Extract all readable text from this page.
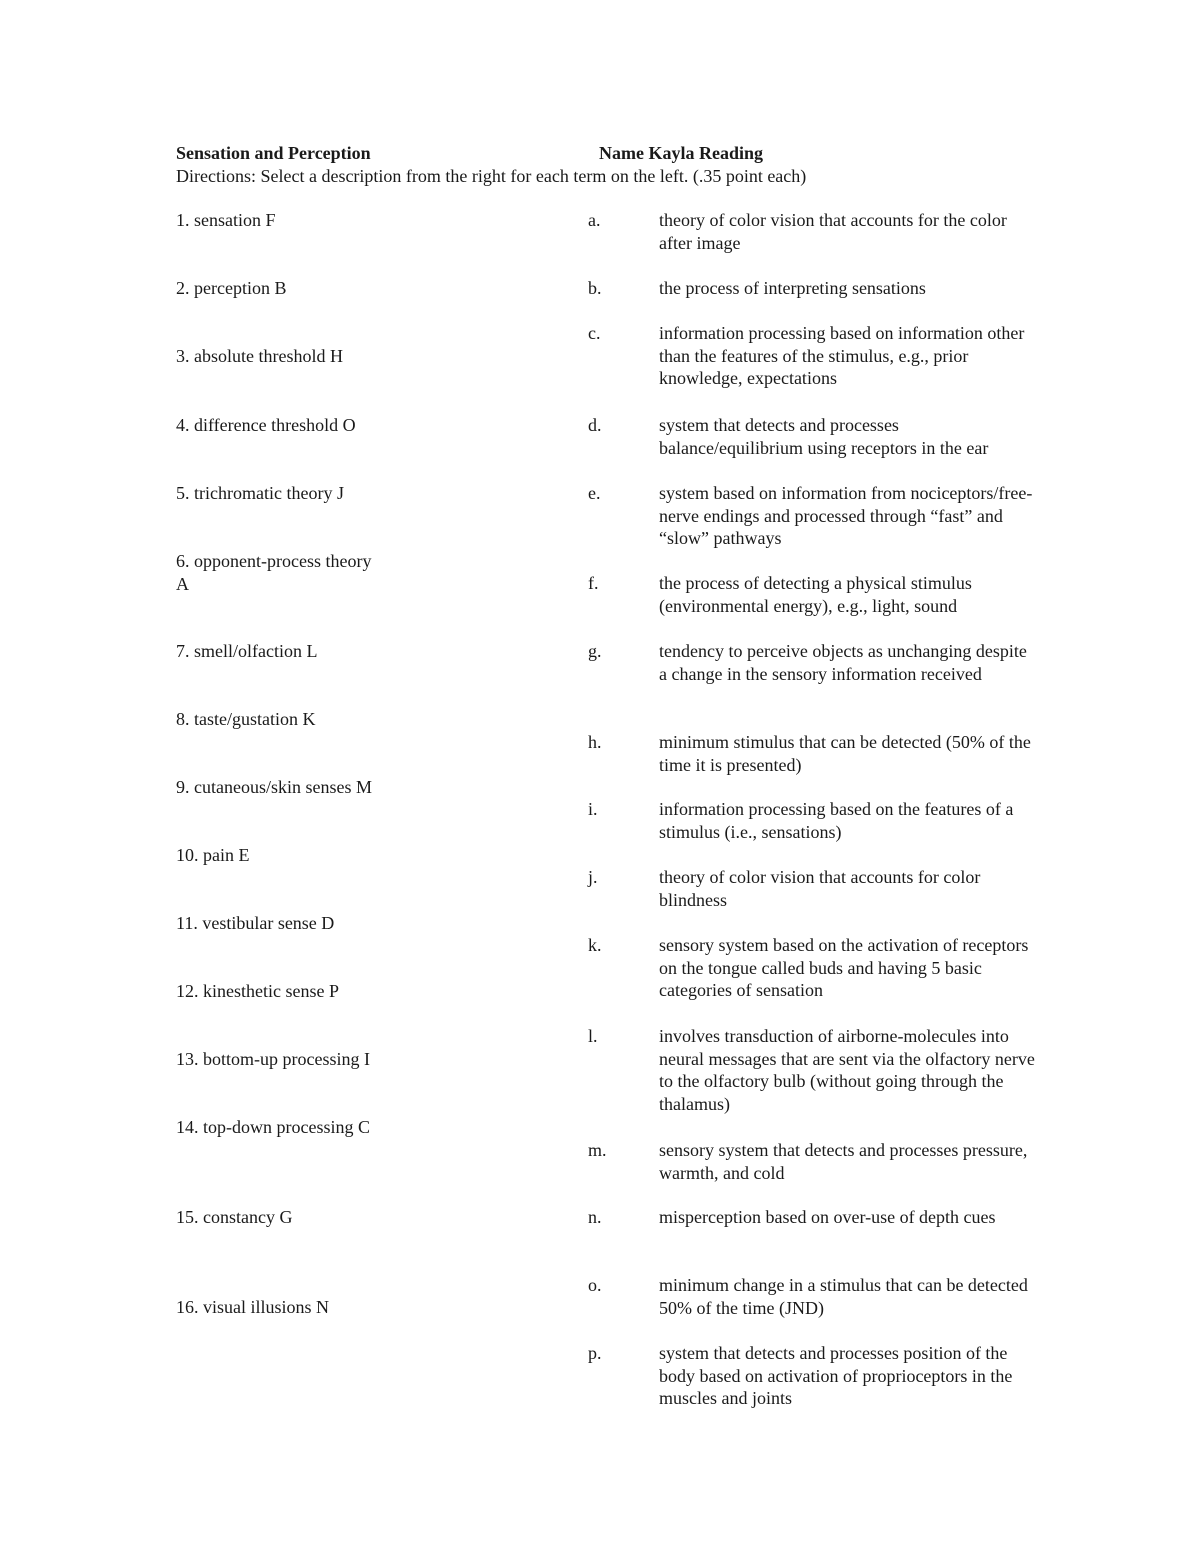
Sensation and Perception	Name Kayla Reading
Directions: Select a description from the right for each term on the left. (.35 point each)
1. sensation F
2. perception B
3. absolute threshold H
4. difference threshold O
5. trichromatic theory J
6. opponent-process theory
A
7. smell/olfaction L
8. taste/gustation K
9. cutaneous/skin senses M
10. pain E
11. vestibular sense D
12. kinesthetic sense P
13. bottom-up processing I
14. top-down processing C
15. constancy G
16. visual illusions N
a.	theory of color vision that accounts for the color after image
b.	the process of interpreting sensations
c.	information processing based on information other than the features of the stimulus, e.g., prior knowledge, expectations
d.	system that detects and processes balance/equilibrium using receptors in the ear
e.	system based on information from nociceptors/free-nerve endings and processed through “fast” and “slow” pathways
f.	the process of detecting a physical stimulus (environmental energy), e.g., light, sound
g.	tendency to perceive objects as unchanging despite a change in the sensory information received
h.	minimum stimulus that can be detected (50% of the time it is presented)
i.	information processing based on the features of a stimulus (i.e., sensations)
j.	theory of color vision that accounts for color blindness
k.	sensory system based on the activation of receptors on the tongue called buds and having 5 basic categories of sensation
l.	involves transduction of airborne-molecules into neural messages that are sent via the olfactory nerve to the olfactory bulb (without going through the thalamus)
m.	sensory system that detects and processes pressure, warmth, and cold
n.	misperception based on over-use of depth cues
o.	minimum change in a stimulus that can be detected 50% of the time (JND)
p.	system that detects and processes position of the body based on activation of proprioceptors in the muscles and joints
